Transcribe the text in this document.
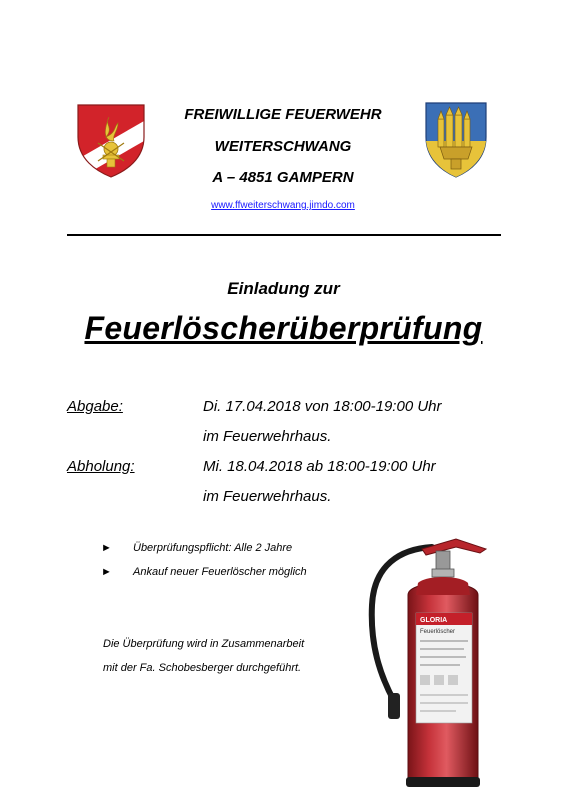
FREIWILLIGE FEUERWEHR
WEITERSCHWANG
A – 4851 GAMPERN
www.ffweiterschwang.jimdo.com
Einladung zur
Feuerlöscherüberprüfung
Abgabe:	Di. 17.04.2018 von 18:00-19:00 Uhr
im Feuerwehrhaus.
Abholung:	Mi. 18.04.2018 ab 18:00-19:00 Uhr
im Feuerwehrhaus.
► Überprüfungspflicht: Alle 2 Jahre
► Ankauf neuer Feuerlöscher möglich
Die Überprüfung wird in Zusammenarbeit
mit der Fa. Schobesberger durchgeführt.
GLORIA
Feuerlöscher
